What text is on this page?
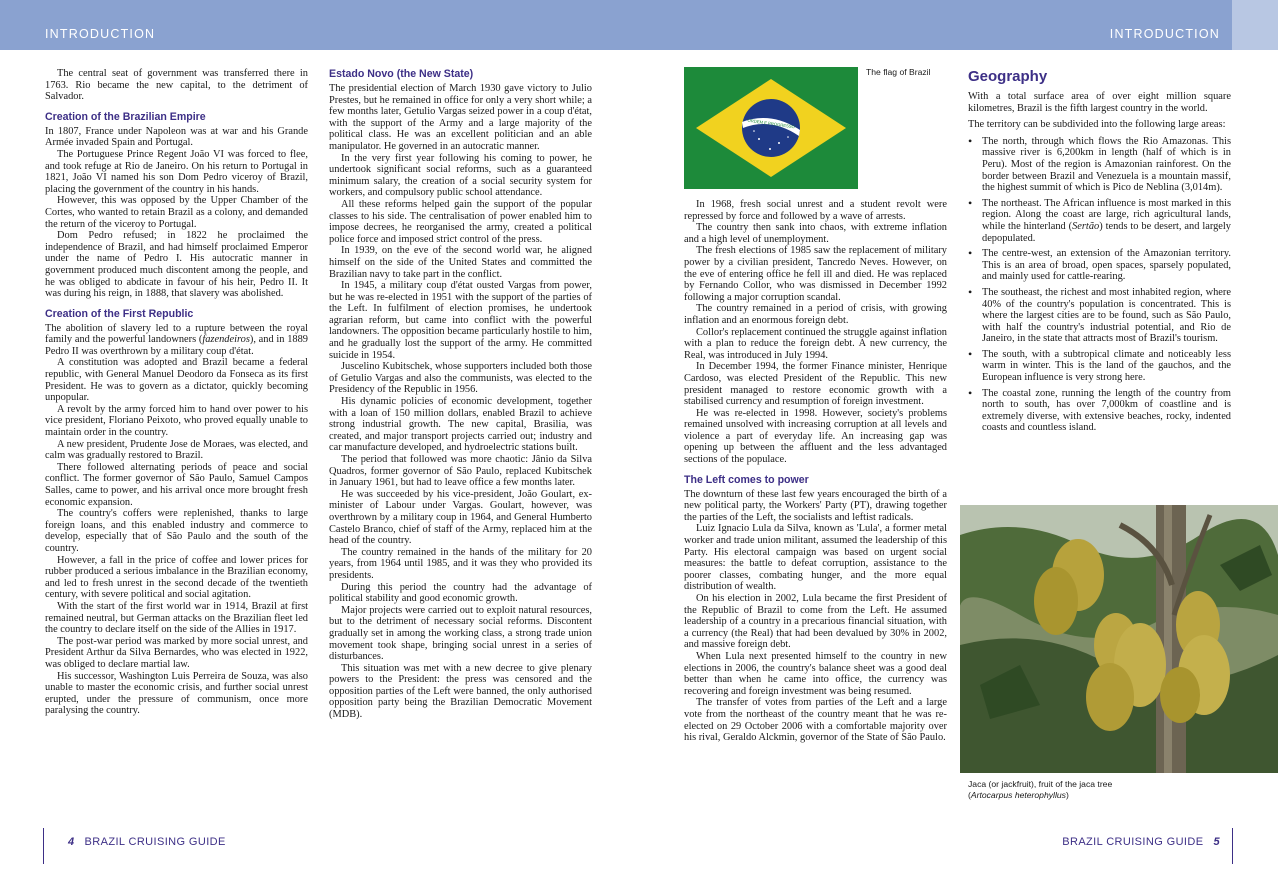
INTRODUCTION	INTRODUCTION

The central seat of government was transferred there in 1763. Rio became the new capital, to the detriment of Salvador.

Creation of the Brazilian Empire

In 1807, France under Napoleon was at war and his Grande Armée invaded Spain and Portugal.

The Portuguese Prince Regent João VI was forced to flee, and took refuge at Rio de Janeiro. On his return to Portugal in 1821, João VI named his son Dom Pedro viceroy of Brazil, placing the government of the country in his hands.

However, this was opposed by the Upper Chamber of the Cortes, who wanted to retain Brazil as a colony, and demanded the return of the viceroy to Portugal.

Dom Pedro refused; in 1822 he proclaimed the independence of Brazil, and had himself proclaimed Emperor under the name of Pedro I. His autocratic manner in government produced much discontent among the people, and he was obliged to abdicate in favour of his heir, Pedro II. It was during his reign, in 1888, that slavery was abolished.

Creation of the First Republic

The abolition of slavery led to a rupture between the royal family and the powerful landowners (fazendeiros), and in 1889 Pedro II was overthrown by a military coup d'état.

A constitution was adopted and Brazil became a federal republic, with General Manuel Deodoro da Fonseca as its first President. He was to govern as a dictator, quickly becoming unpopular.

A revolt by the army forced him to hand over power to his vice president, Floriano Peixoto, who proved equally unable to maintain order in the country.

A new president, Prudente Jose de Moraes, was elected, and calm was gradually restored to Brazil.

There followed alternating periods of peace and social conflict. The former governor of São Paulo, Samuel Campos Salles, came to power, and his arrival once more brought fresh economic expansion.

The country's coffers were replenished, thanks to large foreign loans, and this enabled industry and commerce to develop, especially that of São Paulo and the south of the country.

However, a fall in the price of coffee and lower prices for rubber produced a serious imbalance in the Brazilian economy, and led to fresh unrest in the second decade of the twentieth century, with severe political and social agitation.

With the start of the first world war in 1914, Brazil at first remained neutral, but German attacks on the Brazilian fleet led the country to declare itself on the side of the Allies in 1917.

The post-war period was marked by more social unrest, and President Arthur da Silva Bernardes, who was elected in 1922, was obliged to declare martial law.

His successor, Washington Luis Perreira de Souza, was also unable to master the economic crisis, and further social unrest erupted, under the pressure of communism, once more paralysing the country.

Estado Novo (the New State)

The presidential election of March 1930 gave victory to Julio Prestes, but he remained in office for only a very short while; a few months later, Getulio Vargas seized power in a coup d'état, with the support of the Army and a large majority of the political class. He was an excellent politician and an able manipulator. He governed in an autocratic manner.

In the very first year following his coming to power, he undertook significant social reforms, such as a guaranteed minimum salary, the creation of a social security system for workers, and compulsory public school attendance.

All these reforms helped gain the support of the popular classes to his side. The centralisation of power enabled him to impose decrees, he reorganised the army, created a political police force and imposed strict control of the press.

In 1939, on the eve of the second world war, he aligned himself on the side of the United States and committed the Brazilian navy to take part in the conflict.

In 1945, a military coup d'état ousted Vargas from power, but he was re-elected in 1951 with the support of the parties of the Left. In fulfilment of election promises, he undertook agrarian reform, but came into conflict with the powerful landowners. The opposition became particularly hostile to him, and he gradually lost the support of the army. He committed suicide in 1954.

Juscelino Kubitschek, whose supporters included both those of Getulio Vargas and also the communists, was elected to the Presidency of the Republic in 1956.

His dynamic policies of economic development, together with a loan of 150 million dollars, enabled Brazil to achieve strong industrial growth. The new capital, Brasilia, was created, and major transport projects carried out; industry and car manufacture developed, and hydroelectric stations built.

The period that followed was more chaotic: Jânio da Silva Quadros, former governor of São Paulo, replaced Kubitschek in January 1961, but had to leave office a few months later.

He was succeeded by his vice-president, João Goulart, ex-minister of Labour under Vargas. Goulart, however, was overthrown by a military coup in 1964, and General Humberto Castelo Branco, chief of staff of the Army, replaced him at the head of the country.

The country remained in the hands of the military for 20 years, from 1964 until 1985, and it was they who provided its presidents.

During this period the country had the advantage of political stability and good economic growth.

Major projects were carried out to exploit natural resources, but to the detriment of necessary social reforms. Discontent gradually set in among the working class, a strong trade union movement took shape, bringing social unrest in a series of disturbances.

This situation was met with a new decree to give plenary powers to the President: the press was censored and the opposition parties of the Left were banned, the only authorised opposition party being the Brazilian Democratic Movement (MDB).

ORDEM E PROGRESSO
The flag of Brazil

In 1968, fresh social unrest and a student revolt were repressed by force and followed by a wave of arrests.

The country then sank into chaos, with extreme inflation and a high level of unemployment.

The fresh elections of 1985 saw the replacement of military power by a civilian president, Tancredo Neves. However, on the eve of entering office he fell ill and died. He was replaced by Fernando Collor, who was dismissed in December 1992 following a major corruption scandal.

The country remained in a period of crisis, with growing inflation and an enormous foreign debt.

Collor's replacement continued the struggle against inflation with a plan to reduce the foreign debt. A new currency, the Real, was introduced in July 1994.

In December 1994, the former Finance minister, Henrique Cardoso, was elected President of the Republic. This new president managed to restore economic growth with a stabilised currency and resumption of foreign investment.

He was re-elected in 1998. However, society's problems remained unsolved with increasing corruption at all levels and violence a part of everyday life. An increasing gap was opening up between the affluent and the less advantaged sections of the populace.

The Left comes to power

The downturn of these last few years encouraged the birth of a new political party, the Workers' Party (PT), drawing together the parties of the Left, the socialists and leftist radicals.

Luiz Ignacio Lula da Silva, known as 'Lula', a former metal worker and trade union militant, assumed the leadership of this Party. His electoral campaign was based on urgent social measures: the battle to defeat corruption, assistance to the poorer classes, combating hunger, and the more equal distribution of wealth.

On his election in 2002, Lula became the first President of the Republic of Brazil to come from the Left. He assumed leadership of a country in a precarious financial situation, with a currency (the Real) that had been devalued by 30% in 2002, and massive foreign debt.

When Lula next presented himself to the country in new elections in 2006, the country's balance sheet was a good deal better than when he came into office, the currency was recovering and foreign investment was being resumed.

The transfer of votes from parties of the Left and a large vote from the northeast of the country meant that he was re-elected on 29 October 2006 with a comfortable majority over his rival, Geraldo Alckmin, governor of the State of São Paulo.

Geography

With a total surface area of over eight million square kilometres, Brazil is the fifth largest country in the world.

The territory can be subdivided into the following large areas:

• The north, through which flows the Rio Amazonas. This massive river is 6,200km in length (half of which is in Peru). Most of the region is Amazonian rainforest. On the border between Brazil and Venezuela is a mountain massif, the highest summit of which is Pico de Neblina (3,014m).
• The northeast. The African influence is most marked in this region. Along the coast are large, rich agricultural lands, while the hinterland (Sertão) tends to be desert, and largely depopulated.
• The centre-west, an extension of the Amazonian territory. This is an area of broad, open spaces, sparsely populated, and mainly used for cattle-rearing.
• The southeast, the richest and most inhabited region, where 40% of the country's population is concentrated. This is where the largest cities are to be found, such as São Paulo, with half the country's industrial potential, and Rio de Janeiro, in the state that attracts most of Brazil's tourism.
• The south, with a subtropical climate and noticeably less warm in winter. This is the land of the gauchos, and the European influence is very strong here.
• The coastal zone, running the length of the country from north to south, has over 7,000km of coastline and is extremely diverse, with extensive beaches, rocky, indented coasts and countless island.
Jaca (or jackfruit), fruit of the jaca tree
(Artocarpus heterophyllus)
4 BRAZIL CRUISING GUIDE	BRAZIL CRUISING GUIDE 5
